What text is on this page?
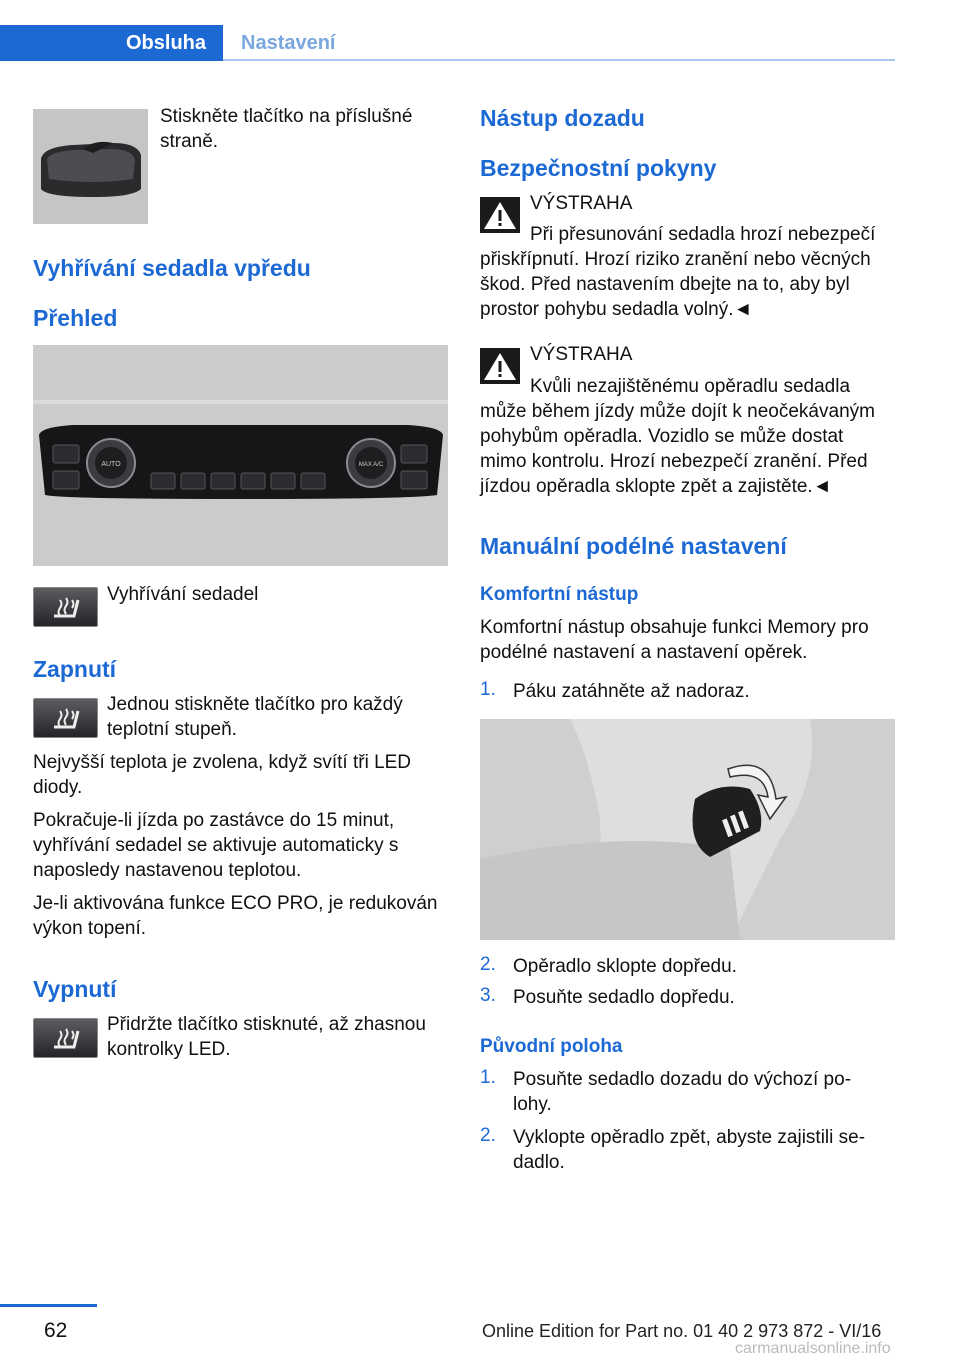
Obsluha	Nastavení

Stiskněte tlačítko na příslušné straně.

Vyhřívání sedadla vpředu
Přehled
AUTO	MAX A/C

Vyhřívání sedadel

Zapnutí

Jednou stiskněte tlačítko pro každý teplotní stupeň.

Nejvyšší teplota je zvolena, když svítí tři LED diody.

Pokračuje-li jízda po zastávce do 15 minut, vyhřívání sedadel se aktivuje automaticky s naposledy nastavenou teplotou.

Je-li aktivována funkce ECO PRO, je redukován výkon topení.

Vypnutí

Přidržte tlačítko stisknuté, až zhasnou kontrolky LED.

Nástup dozadu
Bezpečnostní pokyny

VÝSTRAHA

Při přesunování sedadla hrozí nebezpečí přiskřípnutí. Hrozí riziko zranění nebo věcných škod. Před nastavením dbejte na to, aby byl prostor pohybu sedadla volný.◄

VÝSTRAHA

Kvůli nezajištěnému opěradlu sedadla může během jízdy může dojít k neočekávaným pohybům opěradla. Vozidlo se může dostat mimo kontrolu. Hrozí nebezpečí zranění. Před jízdou opěradla sklopte zpět a zajistěte.◄

Manuální podélné nastavení
Komfortní nástup

Komfortní nástup obsahuje funkci Memory pro podélné nastavení a nastavení opěrek.

1. Páku zatáhněte až nadoraz.

2. Opěradlo sklopte dopředu.

3. Posuňte sedadlo dopředu.

Původní poloha
1. Posuňte sedadlo dozadu do výchozí polohy.

2. Vyklopte opěradlo zpět, abyste zajistili sedadlo.

62	Online Edition for Part no. 01 40 2 973 872 - VI/16
carmanualsonline.info
